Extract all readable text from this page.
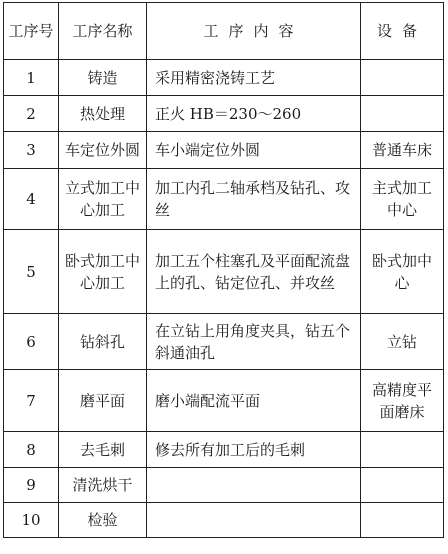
工序号	工序名称	工序内容	设备
1	铸造	采用精密浇铸工艺	
2	热处理	正火 HB＝230～260	
3	车定位外圆	车小端定位外圆	普通车床
4	立式加工中心加工	加工内孔二轴承档及钻孔、攻丝	主式加工中心
5	卧式加工中心加工	加工五个柱塞孔及平面配流盘上的孔、钻定位孔、并攻丝	卧式加中心
6	钻斜孔	在立钻上用角度夹具，钻五个斜通油孔	立钻
7	磨平面	磨小端配流平面	高精度平面磨床
8	去毛刺	修去所有加工后的毛刺	
9	清洗烘干		
10	检验		
